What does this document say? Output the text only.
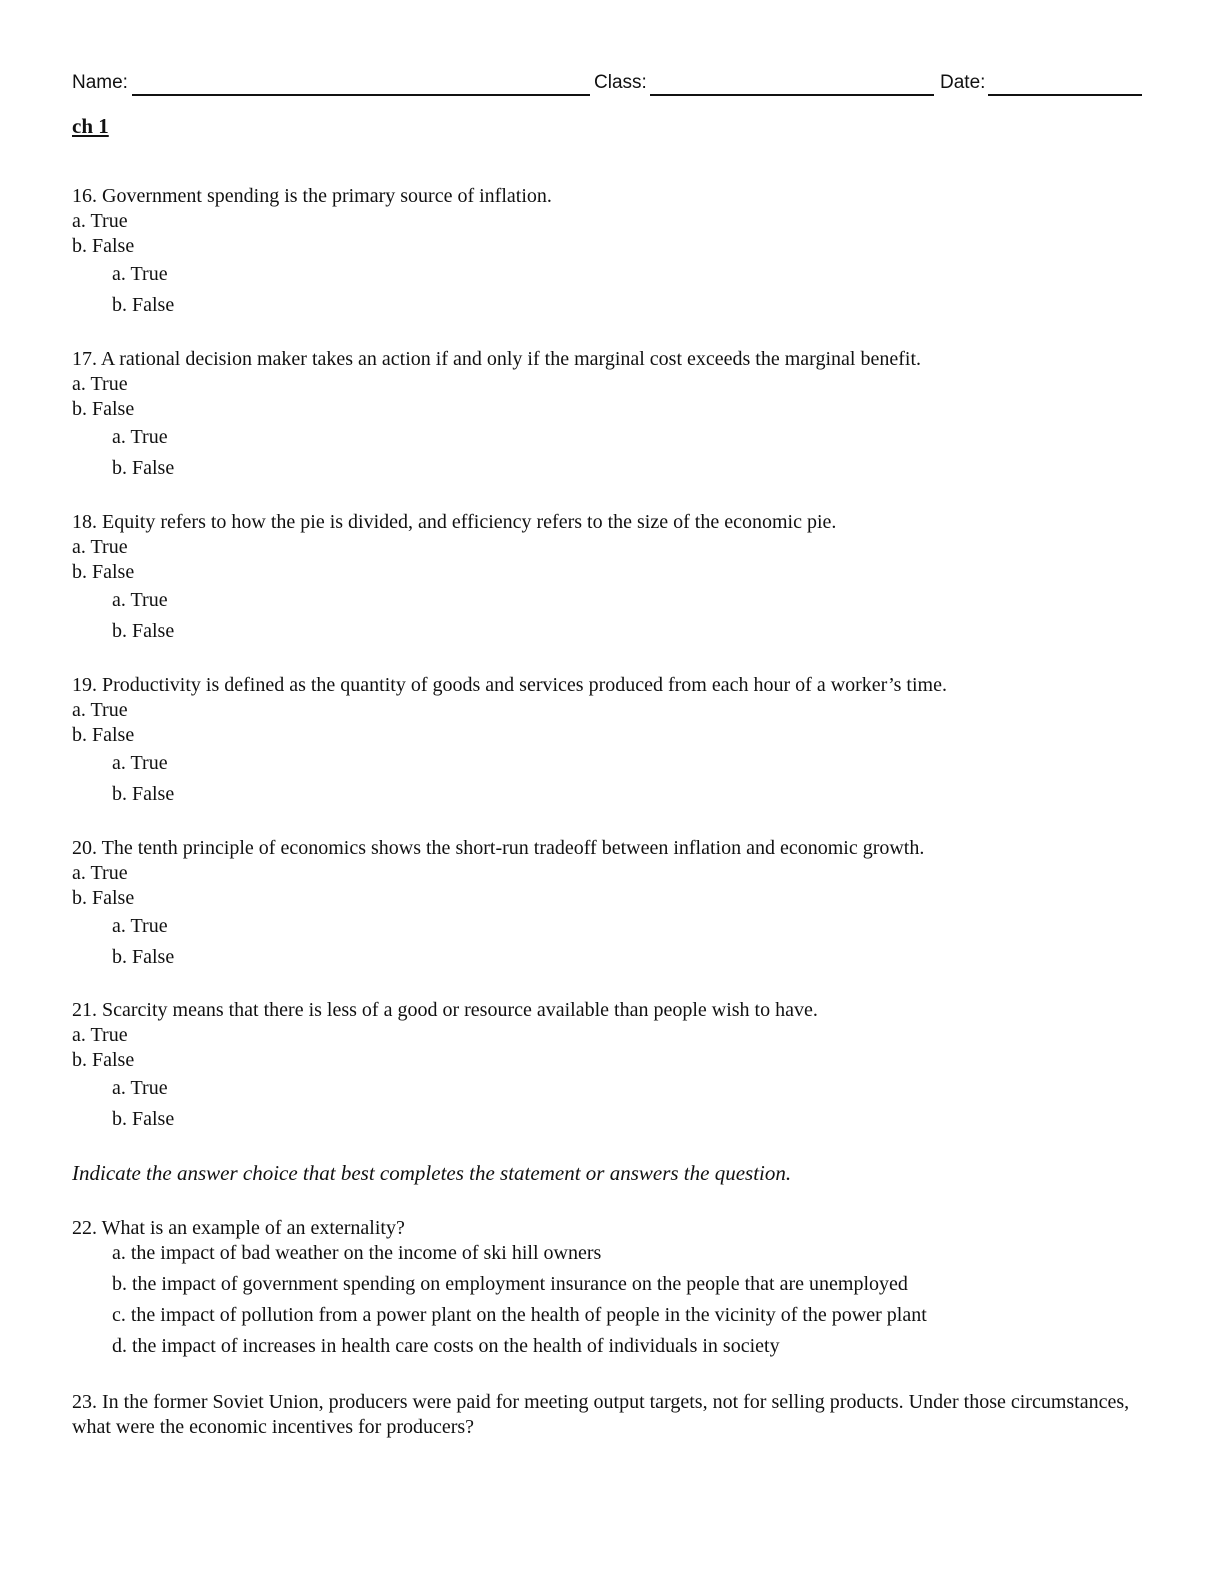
Name:	Class:	Date:
ch 1

16. Government spending is the primary source of inflation.

a. True

b. False

a. True

b. False

17. A rational decision maker takes an action if and only if the marginal cost exceeds the marginal benefit.

a. True

b. False

a. True

b. False

18. Equity refers to how the pie is divided, and efficiency refers to the size of the economic pie.

a. True

b. False

a. True

b. False

19. Productivity is defined as the quantity of goods and services produced from each hour of a worker’s time.

a. True

b. False

a. True

b. False

20. The tenth principle of economics shows the short-run tradeoff between inflation and economic growth.

a. True

b. False

a. True

b. False

21. Scarcity means that there is less of a good or resource available than people wish to have.

a. True

b. False

a. True

b. False

Indicate the answer choice that best completes the statement or answers the question.

22. What is an example of an externality?

a. the impact of bad weather on the income of ski hill owners

b. the impact of government spending on employment insurance on the people that are unemployed

c. the impact of pollution from a power plant on the health of people in the vicinity of the power plant

d. the impact of increases in health care costs on the health of individuals in society

23. In the former Soviet Union, producers were paid for meeting output targets, not for selling products. Under those circumstances, what were the economic incentives for producers?
